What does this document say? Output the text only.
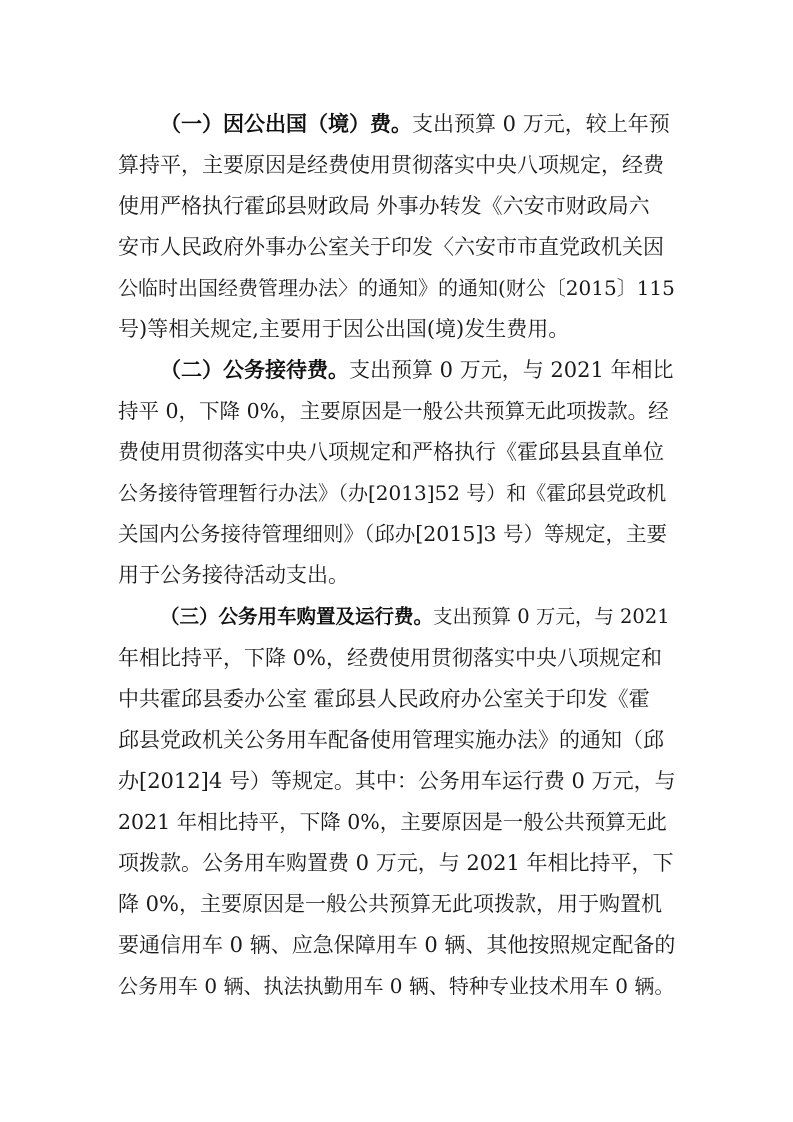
（一）因公出国（境）费。支出预算 0 万元，较上年预
算持平，主要原因是经费使用贯彻落实中央八项规定，经费
使用严格执行霍邱县财政局 外事办转发《六安市财政局六
安市人民政府外事办公室关于印发〈六安市市直党政机关因
公临时出国经费管理办法〉的通知》的通知(财公〔2015〕115
号)等相关规定,主要用于因公出国(境)发生费用。
（二）公务接待费。支出预算 0 万元，与 2021 年相比
持平 0，下降 0%，主要原因是一般公共预算无此项拨款。经
费使用贯彻落实中央八项规定和严格执行《霍邱县县直单位
公务接待管理暂行办法》（办[2013]52 号）和《霍邱县党政机
关国内公务接待管理细则》（邱办[2015]3 号）等规定，主要
用于公务接待活动支出。
（三）公务用车购置及运行费。支出预算 0 万元，与 2021
年相比持平，下降 0%，经费使用贯彻落实中央八项规定和
中共霍邱县委办公室 霍邱县人民政府办公室关于印发《霍
邱县党政机关公务用车配备使用管理实施办法》的通知（邱
办[2012]4 号）等规定。其中：公务用车运行费 0 万元，与
2021 年相比持平，下降 0%，主要原因是一般公共预算无此
项拨款。公务用车购置费 0 万元，与 2021 年相比持平，下
降 0%，主要原因是一般公共预算无此项拨款，用于购置机
要通信用车 0 辆、应急保障用车 0 辆、其他按照规定配备的
公务用车 0 辆、执法执勤用车 0 辆、特种专业技术用车 0 辆。
